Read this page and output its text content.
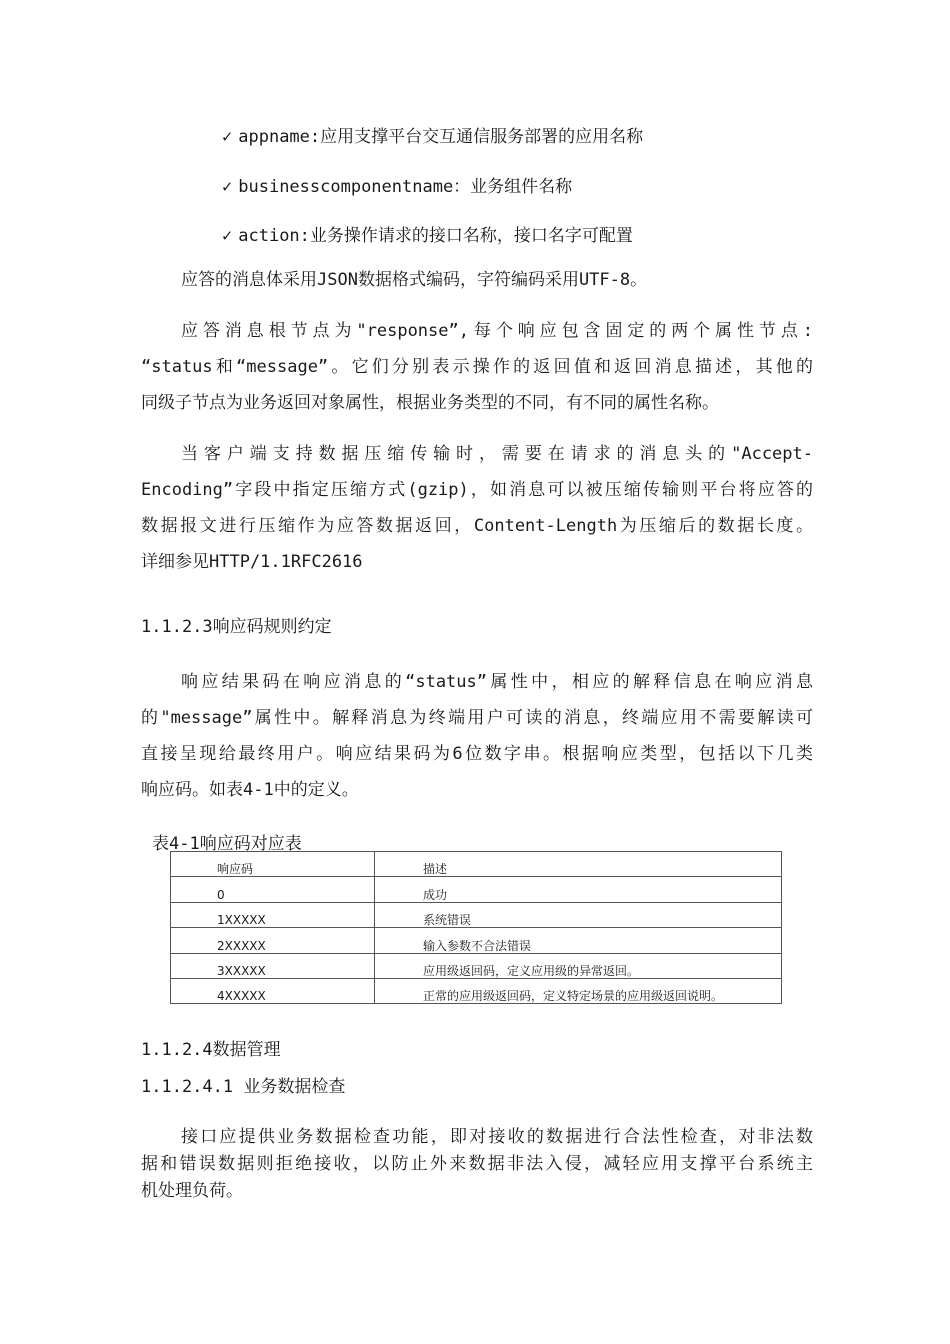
✓ appname:应用支撑平台交互通信服务部署的应用名称
✓ businesscomponentname：业务组件名称
✓ action:业务操作请求的接口名称，接口名字可配置
应答的消息体采用JSON数据格式编码，字符编码采用UTF-8。
应答消息根节点为"response”,每个响应包含固定的两个属性节点:
“status和“message”。它们分别表示操作的返回值和返回消息描述，其他的
同级子节点为业务返回对象属性，根据业务类型的不同，有不同的属性名称。
当客户端支持数据压缩传输时，需要在请求的消息头的"Accept-
Encoding”字段中指定压缩方式(gzip)，如消息可以被压缩传输则平台将应答的
数据报文进行压缩作为应答数据返回，Content-Length为压缩后的数据长度。
详细参见HTTP/1.1RFC2616
1.1.2.3响应码规则约定
响应结果码在响应消息的“status”属性中，相应的解释信息在响应消息
的"message”属性中。解释消息为终端用户可读的消息，终端应用不需要解读可
直接呈现给最终用户。响应结果码为6位数字串。根据响应类型，包括以下几类
响应码。如表4-1中的定义。
表4-1响应码对应表
响应码	描述

0	成功

1XXXXX	系统错误

2XXXXX	输入参数不合法错误

3XXXXX	应用级返回码，定义应用级的异常返回。

4XXXXX	正常的应用级返回码，定义特定场景的应用级返回说明。
1.1.2.4数据管理
1.1.2.4.1 业务数据检查
接口应提供业务数据检查功能，即对接收的数据进行合法性检查，对非法数
据和错误数据则拒绝接收，以防止外来数据非法入侵，减轻应用支撑平台系统主
机处理负荷。
